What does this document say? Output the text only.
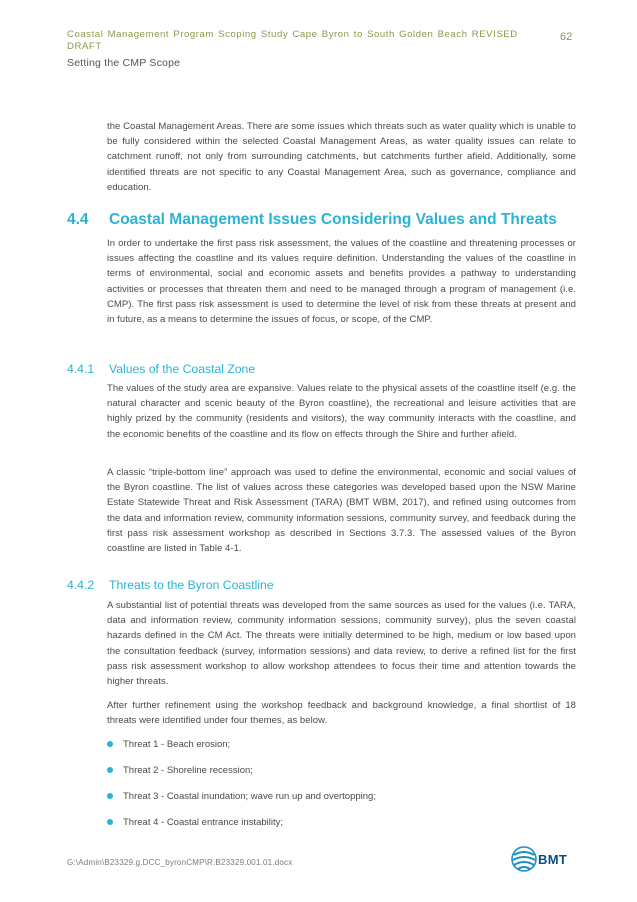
Coastal Management Program Scoping Study Cape Byron to South Golden Beach REVISED DRAFT
62
Setting the CMP Scope

the Coastal Management Areas. There are some issues which threats such as water quality which is unable to be fully considered within the selected Coastal Management Areas, as water quality issues can relate to catchment runoff, not only from surrounding catchments, but catchments further afield. Additionally, some identified threats are not specific to any Coastal Management Area, such as governance, compliance and education.

4.4 Coastal Management Issues Considering Values and Threats

In order to undertake the first pass risk assessment, the values of the coastline and threatening processes or issues affecting the coastline and its values require definition. Understanding the values of the coastline in terms of environmental, social and economic assets and benefits provides a pathway to understanding activities or processes that threaten them and need to be managed through a program of management (i.e. CMP). The first pass risk assessment is used to determine the level of risk from these threats at present and in future, as a means to determine the issues of focus, or scope, of the CMP.

4.4.1 Values of the Coastal Zone

The values of the study area are expansive. Values relate to the physical assets of the coastline itself (e.g. the natural character and scenic beauty of the Byron coastline), the recreational and leisure activities that are highly prized by the community (residents and visitors), the way community interacts with the coastline, and the economic benefits of the coastline and its flow on effects through the Shire and further afield.

A classic “triple-bottom line” approach was used to define the environmental, economic and social values of the Byron coastline. The list of values across these categories was developed based upon the NSW Marine Estate Statewide Threat and Risk Assessment (TARA) (BMT WBM, 2017), and refined using outcomes from the data and information review, community information sessions, community survey, and feedback during the first pass risk assessment workshop as described in Sections 3.7.3. The assessed values of the Byron coastline are listed in Table 4-1.

4.4.2 Threats to the Byron Coastline

A substantial list of potential threats was developed from the same sources as used for the values (i.e. TARA, data and information review, community information sessions, community survey), plus the seven coastal hazards defined in the CM Act. The threats were initially determined to be high, medium or low based upon the consultation feedback (survey, information sessions) and data review, to derive a refined list for the first pass risk assessment workshop to allow workshop attendees to focus their time and attention towards the higher threats.

After further refinement using the workshop feedback and background knowledge, a final shortlist of 18 threats were identified under four themes, as below.

Threat 1 - Beach erosion;
Threat 2 - Shoreline recession;
Threat 3 - Coastal inundation; wave run up and overtopping;
Threat 4 - Coastal entrance instability;
G:\Admin\B23329.g.DCC_byronCMP\R.B23329.001.01.docx	BMT
